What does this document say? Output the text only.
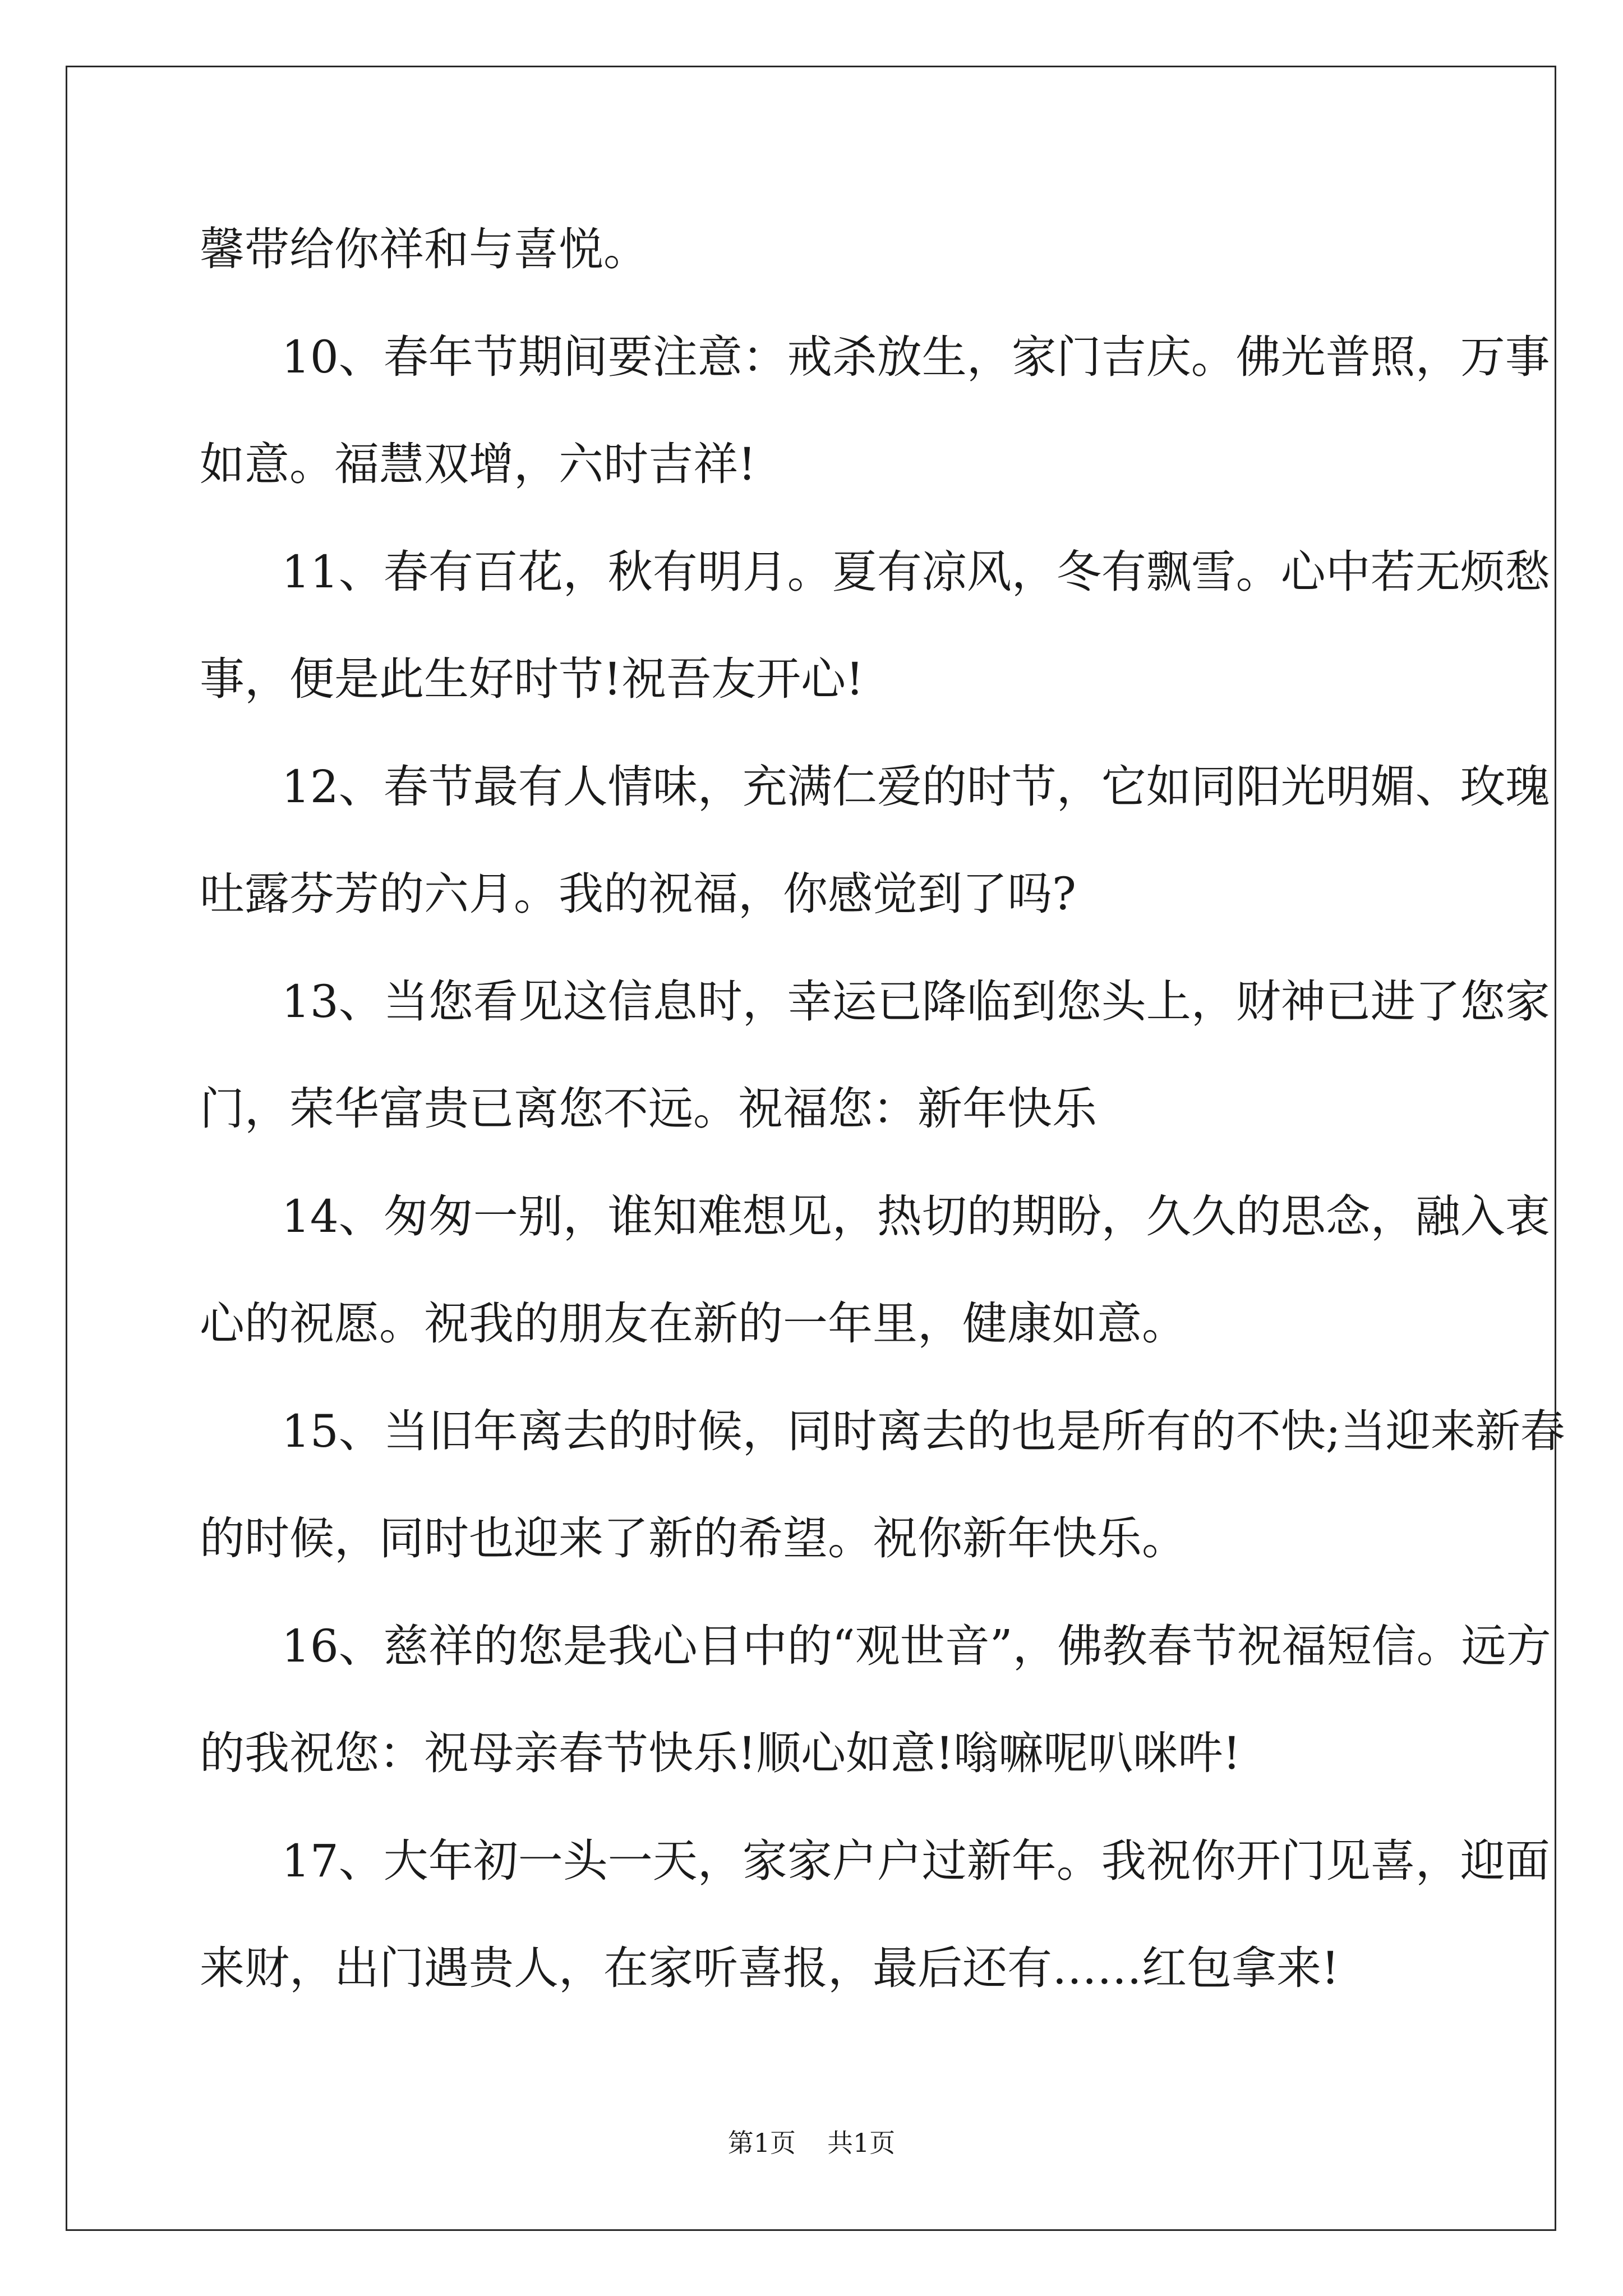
馨带给你祥和与喜悦。
10、春年节期间要注意：戒杀放生，家门吉庆。佛光普照，万事
如意。福慧双增，六时吉祥!
11、春有百花，秋有明月。夏有凉风，冬有飘雪。心中若无烦愁
事，便是此生好时节!祝吾友开心!
12、春节最有人情味，充满仁爱的时节，它如同阳光明媚、玫瑰
吐露芬芳的六月。我的祝福，你感觉到了吗?
13、当您看见这信息时，幸运已降临到您头上，财神已进了您家
门，荣华富贵已离您不远。祝福您：新年快乐
14、匆匆一别，谁知难想见，热切的期盼，久久的思念，融入衷
心的祝愿。祝我的朋友在新的一年里，健康如意。
15、当旧年离去的时候，同时离去的也是所有的不快;当迎来新春
的时候，同时也迎来了新的希望。祝你新年快乐。
16、慈祥的您是我心目中的“观世音”，佛教春节祝福短信。远方
的我祝您：祝母亲春节快乐!顺心如意!嗡嘛呢叭咪吽!
17、大年初一头一天，家家户户过新年。我祝你开门见喜，迎面
来财，出门遇贵人，在家听喜报，最后还有……红包拿来!
第1页 共1页
